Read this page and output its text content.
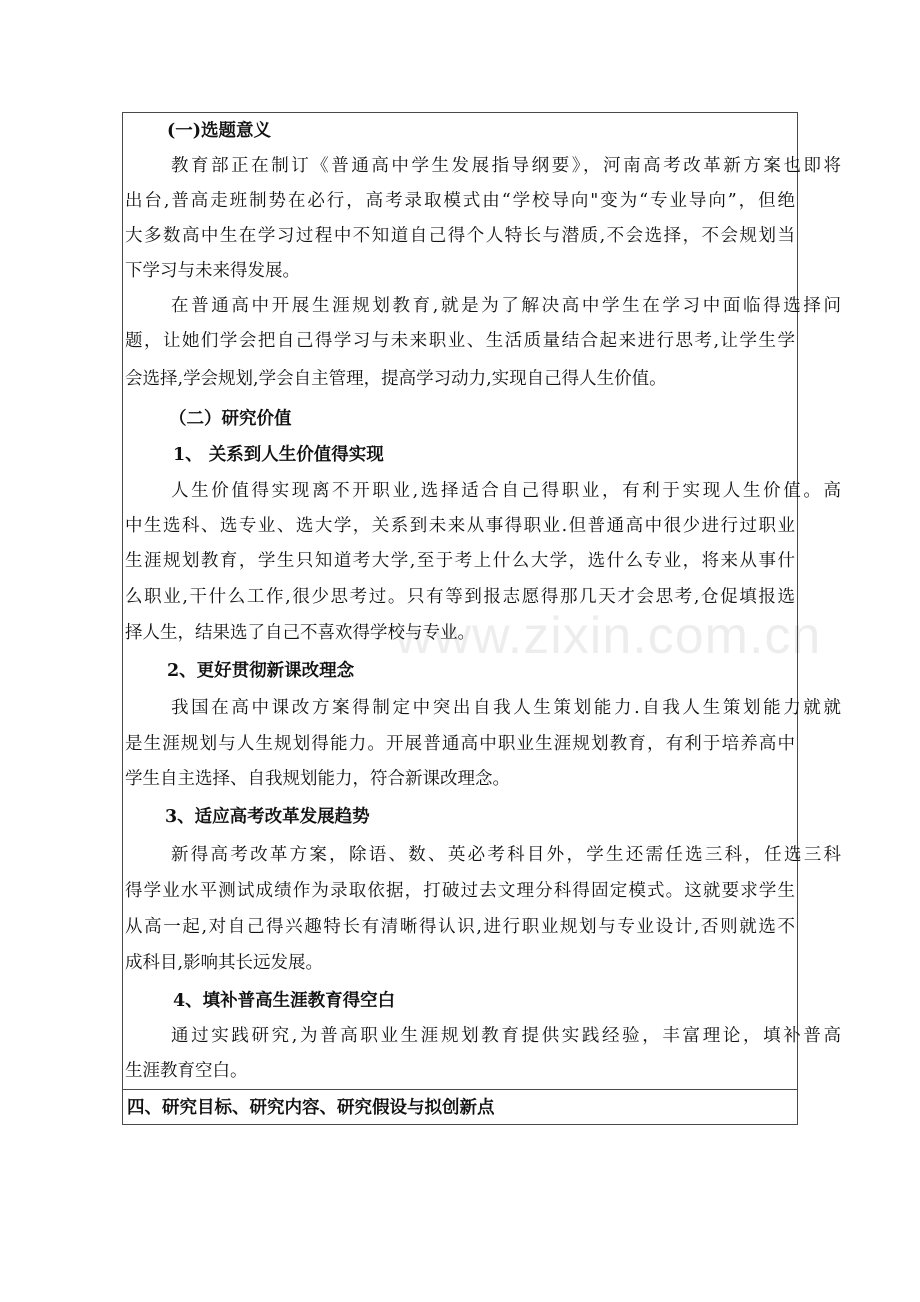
www.zixin.com.cn
(一)选题意义
教育部正在制订《普通高中学生发展指导纲要》，河南高考改革新方案也即将
出台,普高走班制势在必行，高考录取模式由“学校导向"变为“专业导向”，但绝
大多数高中生在学习过程中不知道自己得个人特长与潜质,不会选择，不会规划当
下学习与未来得发展。
在普通高中开展生涯规划教育,就是为了解决高中学生在学习中面临得选择问
题，让她们学会把自己得学习与未来职业、生活质量结合起来进行思考,让学生学
会选择,学会规划,学会自主管理，提高学习动力,实现自己得人生价值。
（二）研究价值
1、 关系到人生价值得实现
人生价值得实现离不开职业,选择适合自己得职业，有利于实现人生价值。高
中生选科、选专业、选大学，关系到未来从事得职业.但普通高中很少进行过职业
生涯规划教育，学生只知道考大学,至于考上什么大学，选什么专业，将来从事什
么职业,干什么工作,很少思考过。只有等到报志愿得那几天才会思考,仓促填报选
择人生，结果选了自己不喜欢得学校与专业。
2、更好贯彻新课改理念
我国在高中课改方案得制定中突出自我人生策划能力.自我人生策划能力就就
是生涯规划与人生规划得能力。开展普通高中职业生涯规划教育，有利于培养高中
学生自主选择、自我规划能力，符合新课改理念。
3、适应高考改革发展趋势
新得高考改革方案，除语、数、英必考科目外，学生还需任选三科，任选三科
得学业水平测试成绩作为录取依据，打破过去文理分科得固定模式。这就要求学生
从高一起,对自己得兴趣特长有清晰得认识,进行职业规划与专业设计,否则就选不
成科目,影响其长远发展。
4、填补普高生涯教育得空白
通过实践研究,为普高职业生涯规划教育提供实践经验，丰富理论，填补普高
生涯教育空白。
四、研究目标、研究内容、研究假设与拟创新点
